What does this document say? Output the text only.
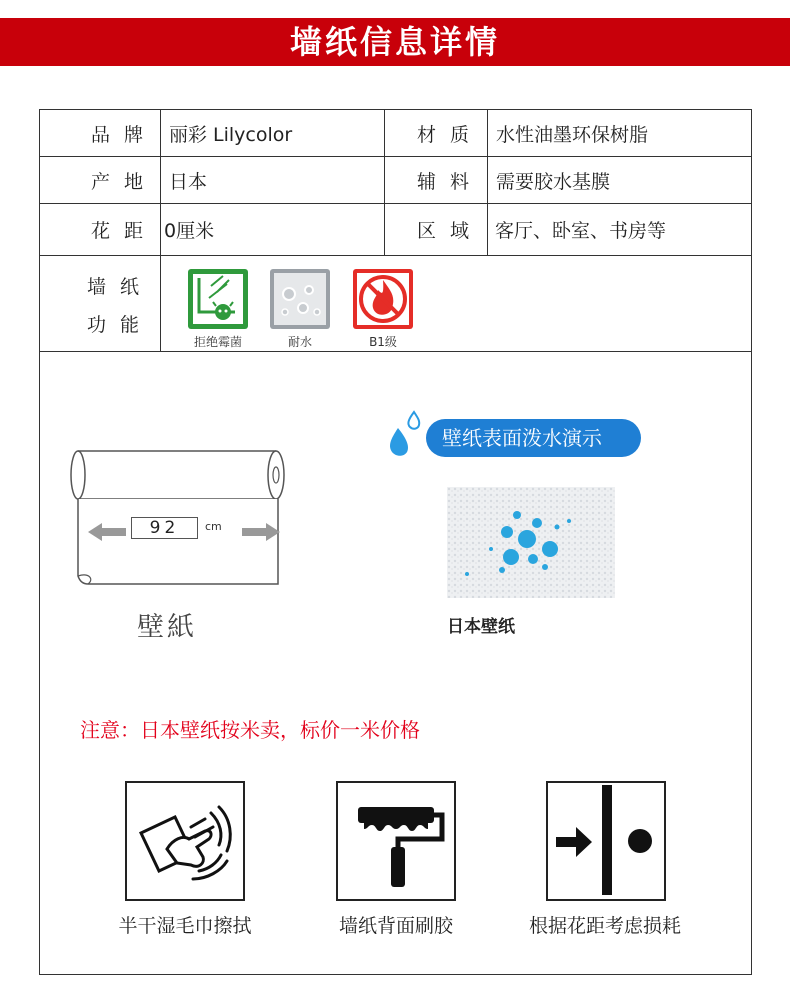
墙纸信息详情
品 牌	丽彩 Lilycolor	材 质	水性油墨环保树脂
产 地	日本	辅 料	需要胶水基膜
花 距	0厘米	区 域	客厅、卧室、书房等
墙 纸
功 能
拒绝霉菌	耐水	B1级
92	cm
壁紙
壁纸表面泼水演示
日本壁纸
注意：日本壁纸按米卖，标价一米价格
半干湿毛巾擦拭	墙纸背面刷胶	根据花距考虑损耗
